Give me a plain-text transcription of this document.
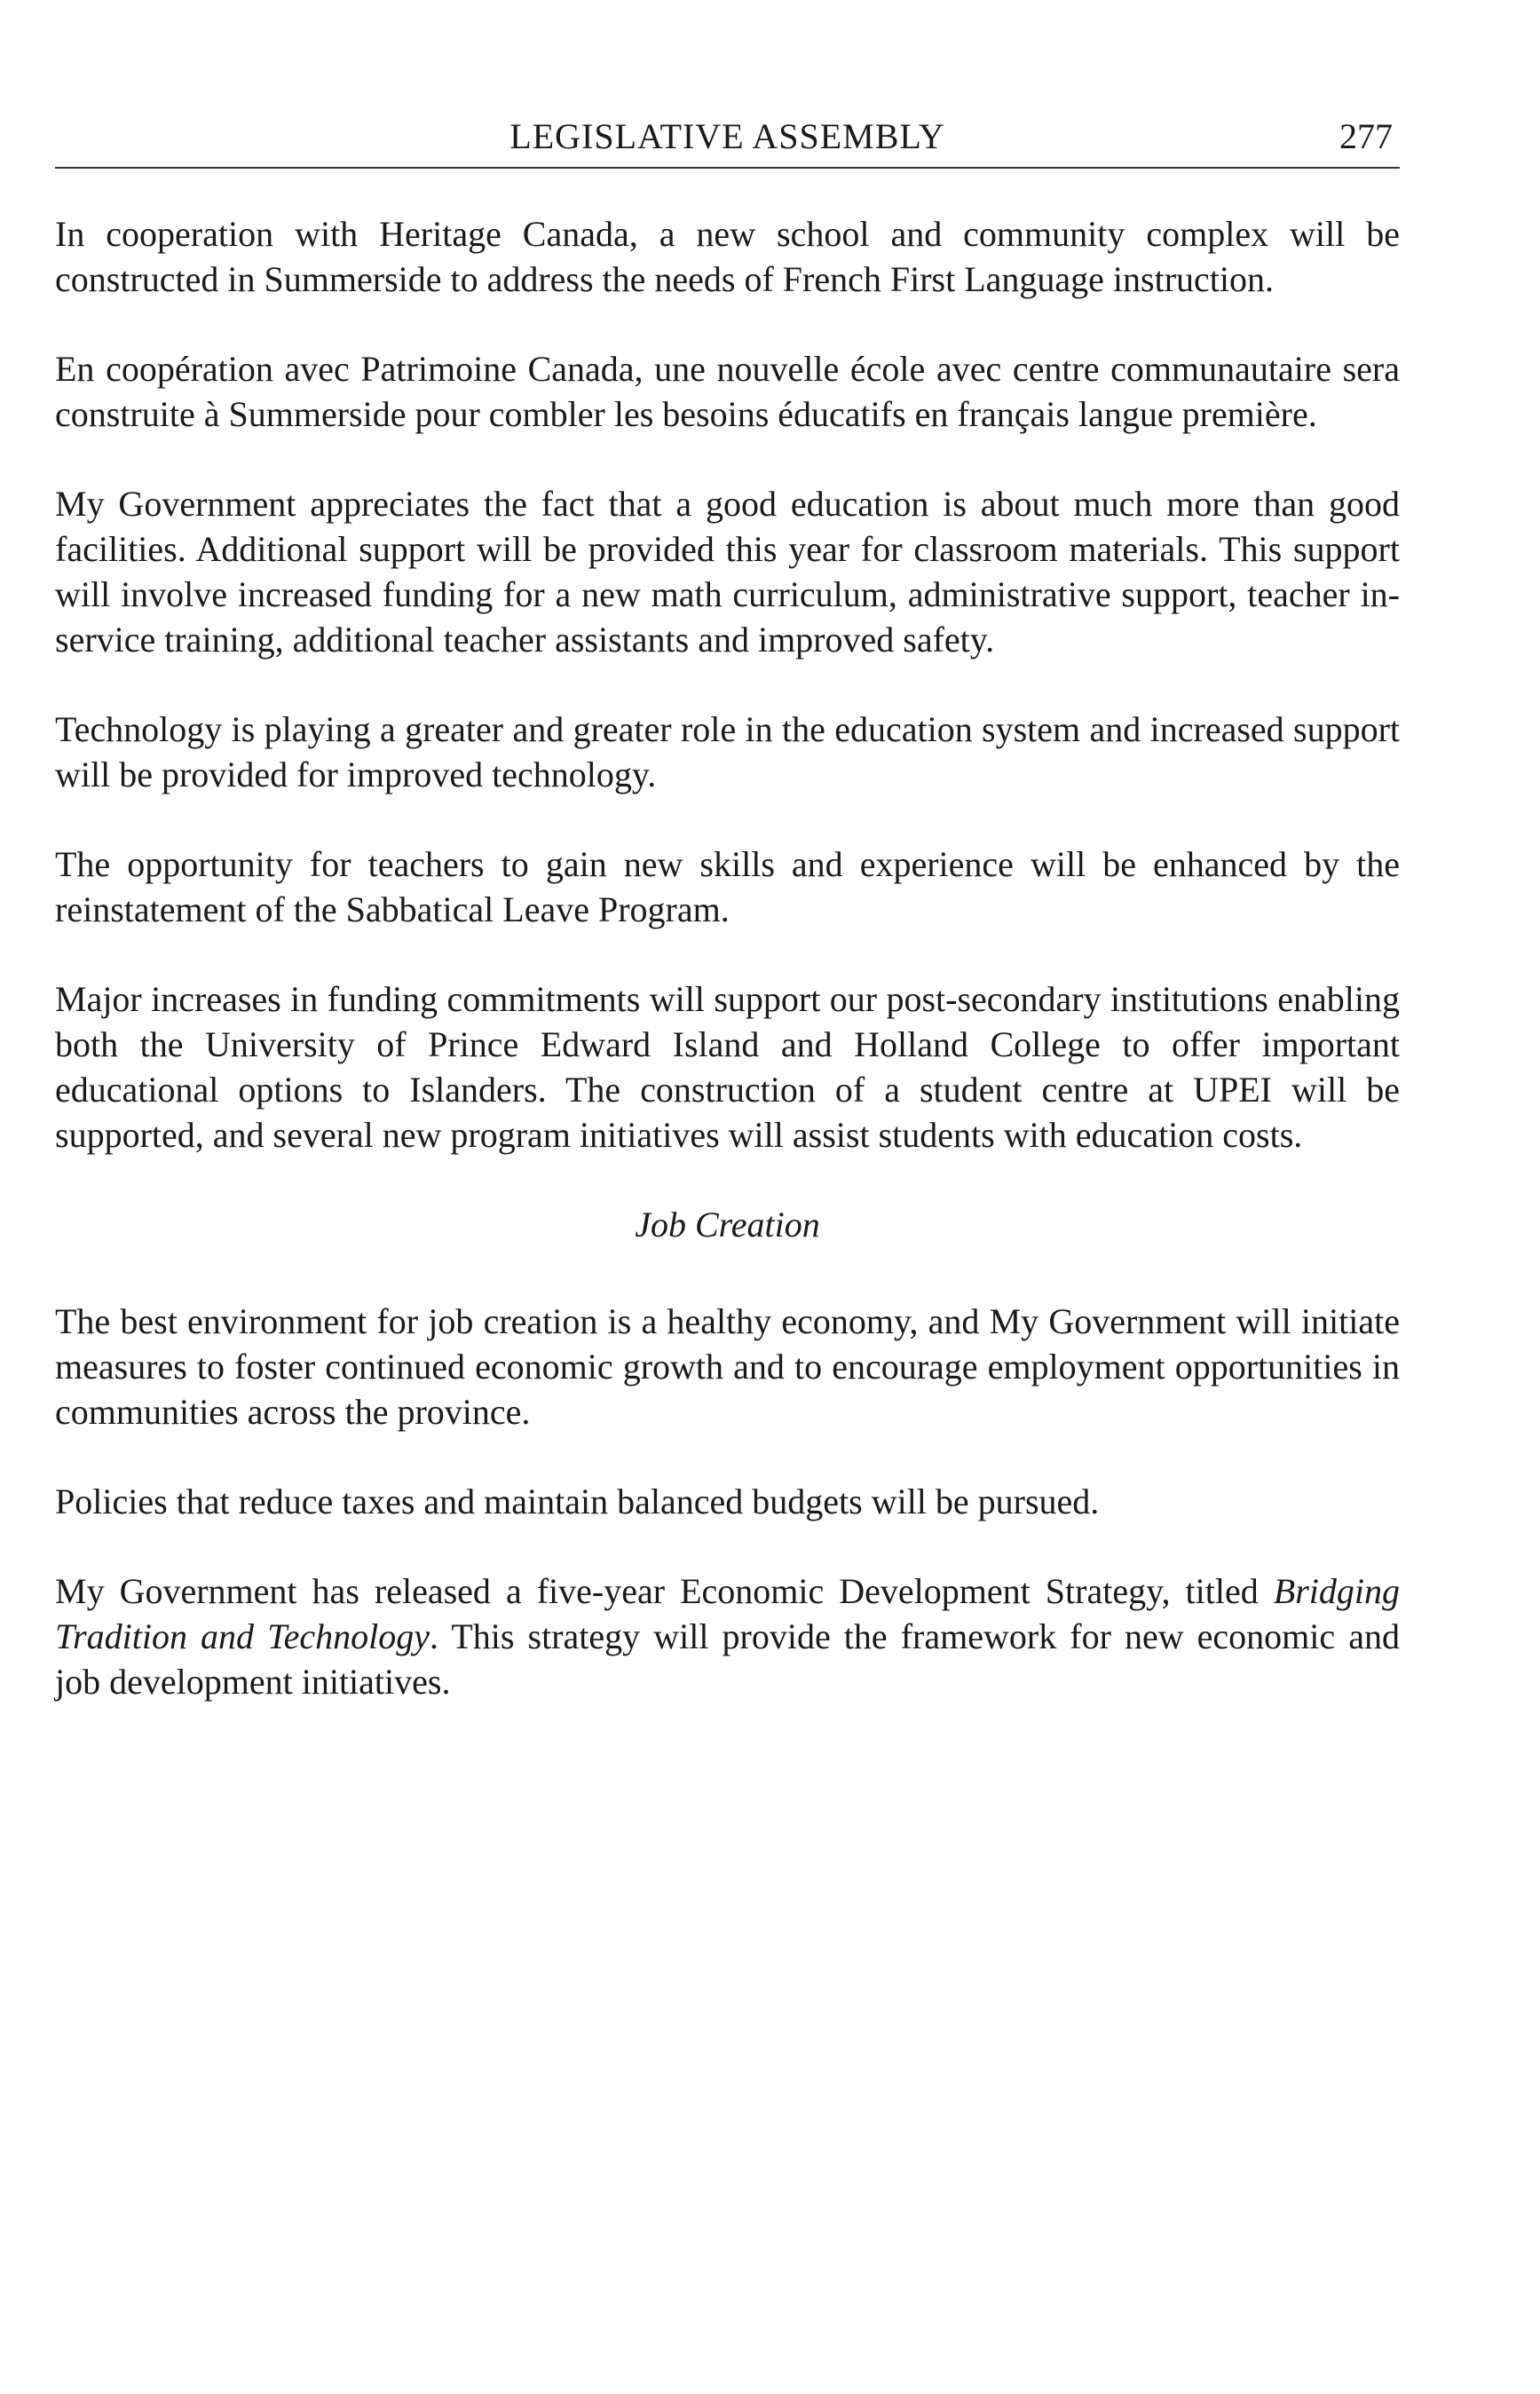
LEGISLATIVE ASSEMBLY	277

In cooperation with Heritage Canada, a new school and community complex will be constructed in Summerside to address the needs of French First Language instruction.

En coopération avec Patrimoine Canada, une nouvelle école avec centre communautaire sera construite à Summerside pour combler les besoins éducatifs en français langue première.

My Government appreciates the fact that a good education is about much more than good facilities. Additional support will be provided this year for classroom materials. This support will involve increased funding for a new math curriculum, administrative support, teacher in-service training, additional teacher assistants and improved safety.

Technology is playing a greater and greater role in the education system and increased support will be provided for improved technology.

The opportunity for teachers to gain new skills and experience will be enhanced by the reinstatement of the Sabbatical Leave Program.

Major increases in funding commitments will support our post-secondary institutions enabling both the University of Prince Edward Island and Holland College to offer important educational options to Islanders. The construction of a student centre at UPEI will be supported, and several new program initiatives will assist students with education costs.

Job Creation

The best environment for job creation is a healthy economy, and My Government will initiate measures to foster continued economic growth and to encourage employment opportunities in communities across the province.

Policies that reduce taxes and maintain balanced budgets will be pursued.

My Government has released a five-year Economic Development Strategy, titled Bridging Tradition and Technology. This strategy will provide the framework for new economic and job development initiatives.
